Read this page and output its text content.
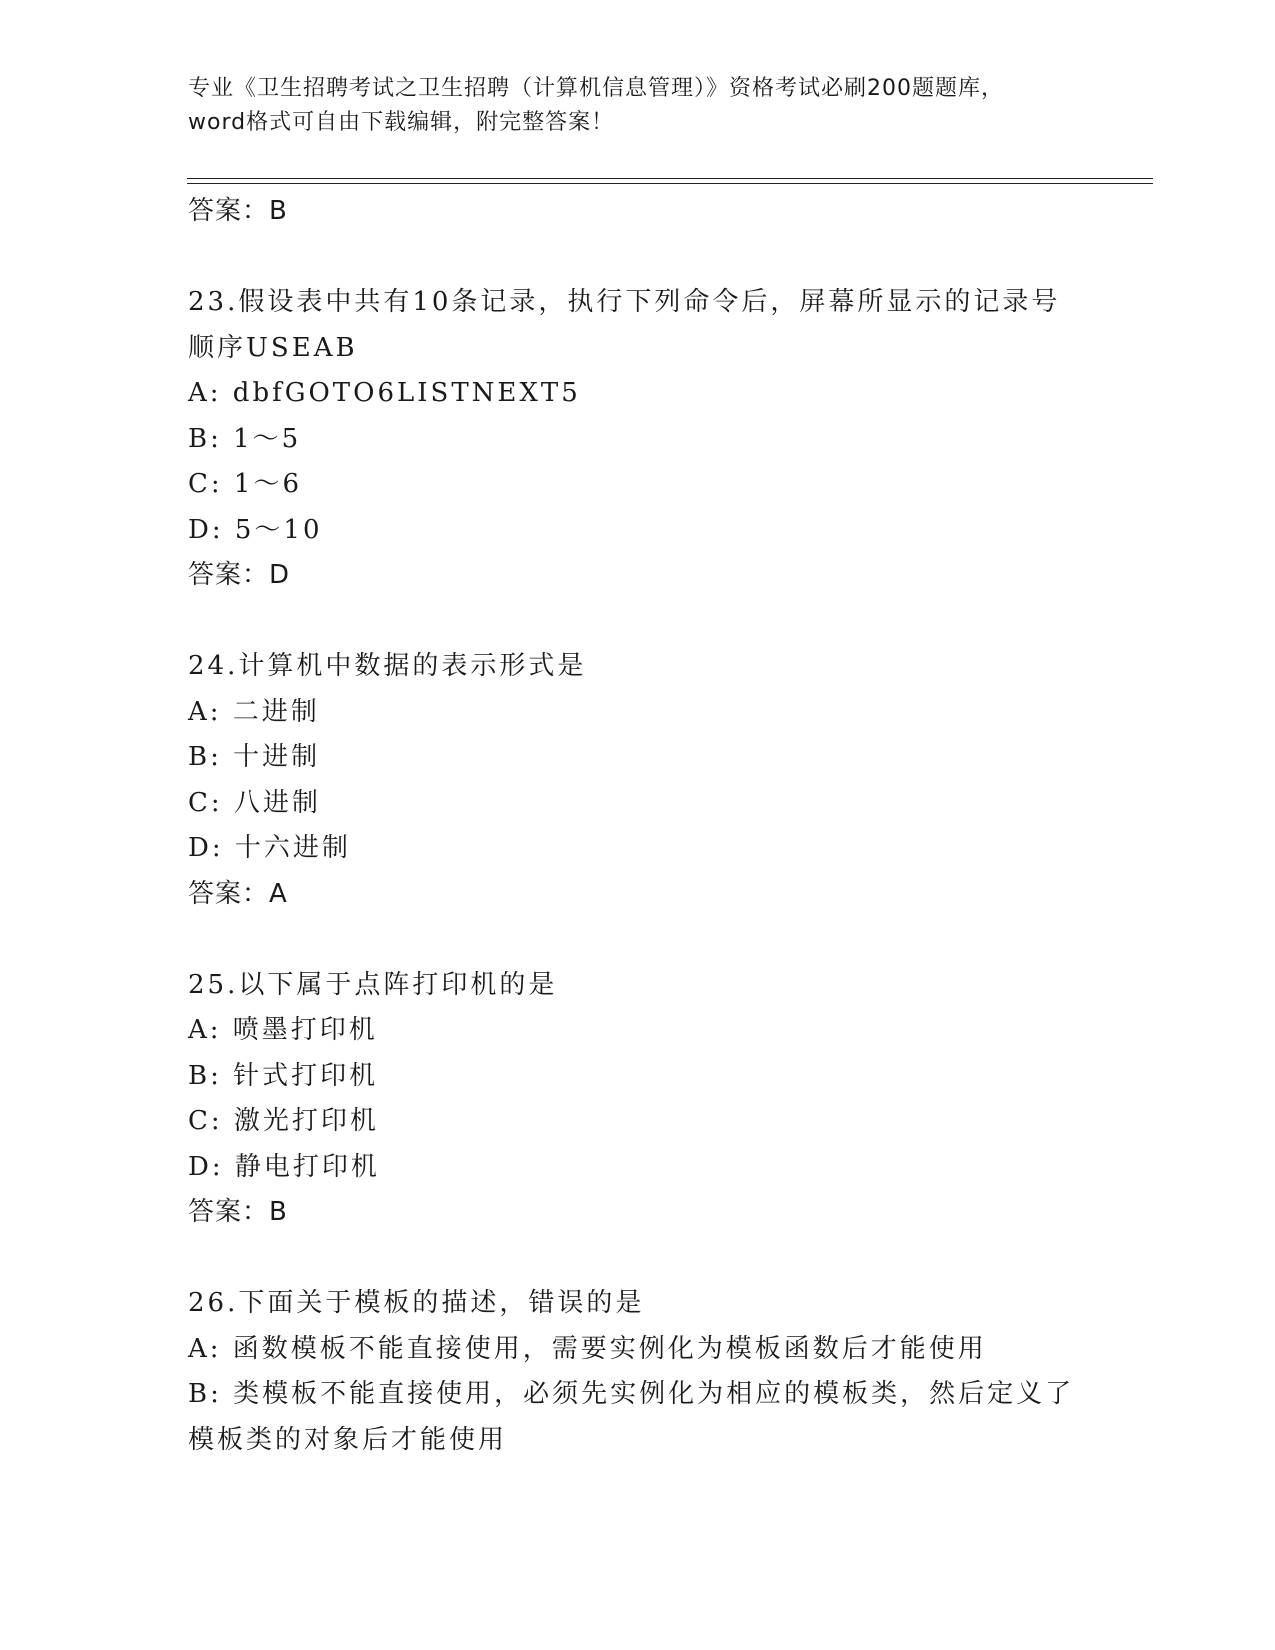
专业《卫生招聘考试之卫生招聘（计算机信息管理）》资格考试必刷200题题库，
word格式可自由下载编辑，附完整答案！
答案：B
23.假设表中共有10条记录，执行下列命令后，屏幕所显示的记录号
顺序USEAB
A: dbfGOTO6LISTNEXT5
B: 1～5
C: 1～6
D: 5～10
答案：D
24.计算机中数据的表示形式是
A: 二进制
B: 十进制
C: 八进制
D: 十六进制
答案：A
25.以下属于点阵打印机的是
A: 喷墨打印机
B: 针式打印机
C: 激光打印机
D: 静电打印机
答案：B
26.下面关于模板的描述，错误的是
A: 函数模板不能直接使用，需要实例化为模板函数后才能使用
B: 类模板不能直接使用，必须先实例化为相应的模板类，然后定义了
模板类的对象后才能使用
